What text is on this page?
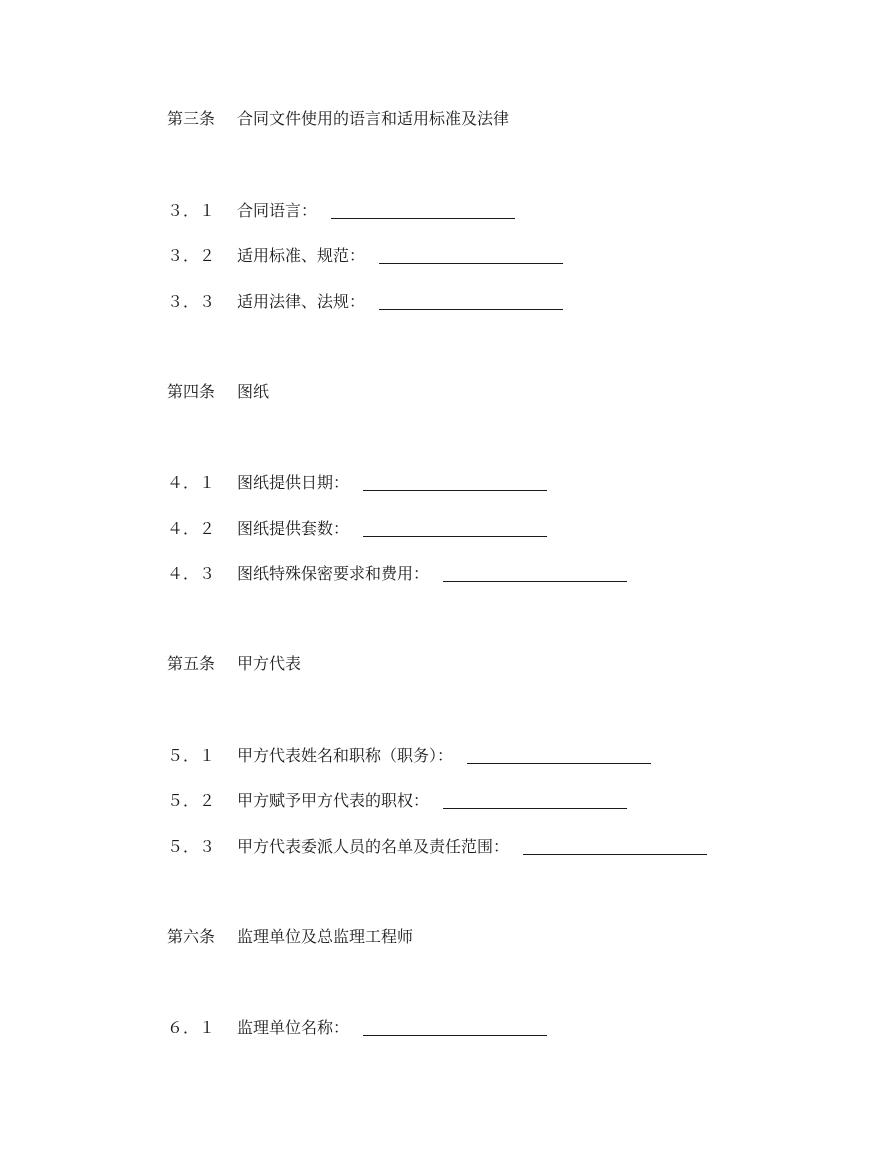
第三条	合同文件使用的语言和适用标准及法律
３．１	合同语言：
３．２	适用标准、规范：
３．３	适用法律、法规：
第四条	图纸
４．１	图纸提供日期：
４．２	图纸提供套数：
４．３	图纸特殊保密要求和费用：
第五条	甲方代表
５．１	甲方代表姓名和职称（职务）：
５．２	甲方赋予甲方代表的职权：
５．３	甲方代表委派人员的名单及责任范围：
第六条	监理单位及总监理工程师
６．１	监理单位名称：
